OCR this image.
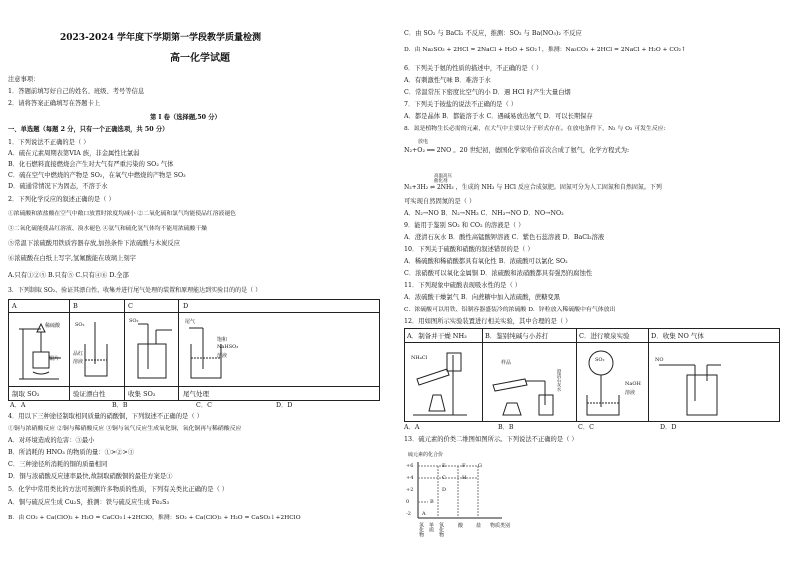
2023-2024 学年度下学期第一学段教学质量检测
高一化学试题
注意事项：
1．答题前填写好自己的姓名、班级、考号等信息
2．请将答案正确填写在答题卡上
第 I 卷（选择题,50 分）
一、单选题（每题 2 分，只有一个正确选项，共 50 分）
1．下列说法不正确的是（ ）
A．硫在元素周期表第VIA 族，非金属性比氯弱
B．化石燃料直接燃烧会产生对大气有严重污染的 SO₂ 气体
C．硫在空气中燃烧的产物是 SO₂，在氧气中燃烧的产物是 SO₃
D．硫通常情况下为固态，不溶于水
2．下列化学反应的叙述正确的是（ ）
①浓硫酸和浓盐酸在空气中敞口放置时浓度均减小 ②二氧化硫和氯气均能使品红溶液褪色
③二氧化硫能使品红溶液、溴水褪色 ④氨气和硫化氢气体均不能用浓硫酸干燥
⑤常温下浓硫酸用铁质容器存放,加热条件下浓硫酸与木炭反应
⑥浓硫酸在白纸上写字,氢氟酸能在玻璃上刻字
A.只有①②⑤ B.只有⑤ C.只有④⑥ D.全部
3．下列制取 SO₂、验证其漂白性、收集并进行尾气处理的装置和原理能达到实验目的的是（ ）
A	B	C	D
稀硫酸
铜片
SO₂
品红
溶液
SO₂	尾气
饱和
NaHSO₃
溶液
制取 SO₂	验证漂白性	收集 SO₂	尾气处理
A．A	B．B	C．C	D．D
4．用以下三种途径制取相同质量的硝酸铜，下列叙述不正确的是（ ）
①铜与浓硝酸反应 ②铜与稀硝酸反应 ③铜与氧气反应生成氧化铜，氧化铜再与稀硝酸反应
A．对环境造成的危害：③最小
B．所消耗的 HNO₃ 的物质的量：①>②>③
C．三种途径所消耗的铜的质量相同
D．铜与浓硝酸反应速率最快,故制取硝酸铜的最佳方案是①
5．化学中常用类比的方法可预测许多物质的性质，下列有关类比正确的是（ ）
A．铜与硫反应生成 Cu₂S，推测：铁与硫反应生成 Fe₂S₃
B．由 CO₂ + Ca(ClO)₂ + H₂O = CaCO₃↓+2HClO，推测：SO₂ + Ca(ClO)₂ + H₂O = CaSO₃↓+2HClO
C．由 SO₂ 与 BaCl₂ 不反应，推测：SO₂ 与 Ba(NO₃)₂ 不反应
D．由 Na₂SO₃ + 2HCl = 2NaCl + H₂O + SO₂↑，推测：Na₂CO₃ + 2HCl = 2NaCl + H₂O + CO₂↑
6．下列关于氨的性质的描述中，不正确的是（ ）
A．有刺激性气味 B．难溶于水
C．常温常压下密度比空气的小 D．遇 HCl 时产生大量白烟
7．下列关于铵盐的说法不正确的是（ ）
A．都是晶体 B．都能溶于水 C．遇碱易放出氨气 D．可以长期保存
8．氮是植物生长必需的元素，在大气中主要以分子形式存在。在放电条件下，N₂ 与 O₂ 可发生反应:
放电
N₂+O₂ ══ 2NO 。20 世纪初，德国化学家哈伯首次合成了氨气，化学方程式为:
高温高压
催化剂
N₂+3H₂ ⇌ 2NH₃ ，生成的 NH₃ 与 HCl 反应合成氨肥。固氮可分为人工固氮和自然固氮。下列
可实现自然固氮的是（ ）
A．N₂→NO B．N₂→NH₃ C．NH₃→NO D．NO→NO₂
9．能用于鉴别 SO₂ 和 CO₂ 的溶液是（ ）
A．澄清石灰水 B．酸性高锰酸钾溶液 C．紫色石蕊溶液 D．BaCl₂溶液
10．下列关于硫酸和硝酸的叙述错误的是（ ）
A．稀硫酸和稀硝酸都具有氧化性 B．浓硫酸可以氯化 SO₂
C．浓硝酸可以氧化金属铜 D．浓硫酸和浓硝酸都具有强烈的腐蚀性
11．下列现象中硫酸表现吸水性的是（ ）
A．浓硫酸干燥氯气 B．向蔗糖中加入浓硫酸，蔗糖变黑
C．浓硫酸可以用铁、铝制容器盛装冷的浓硫酸 D．锌粒放入稀硫酸中有气体放出
12．用如图所示实验装置进行相关实验，其中合理的是（ ）
A．制备并干燥 NH₃	B．鉴别纯碱与小苏打	C．进行喷泉实验	D．收集 NO 气体
NH₄Cl
样品
澄清石灰水
SO₂
NaOH
溶液
NO
A．A	B．B	C．C	D．D
13．硫元素的价类二维图如图所示。下列说法不正确的是（ ）
硫元素的化合价
+6
+4
+2
0
-2
E	F	G
H
C
D
B
A
氢化物 单质 氧化物	酸	盐 物质类别
